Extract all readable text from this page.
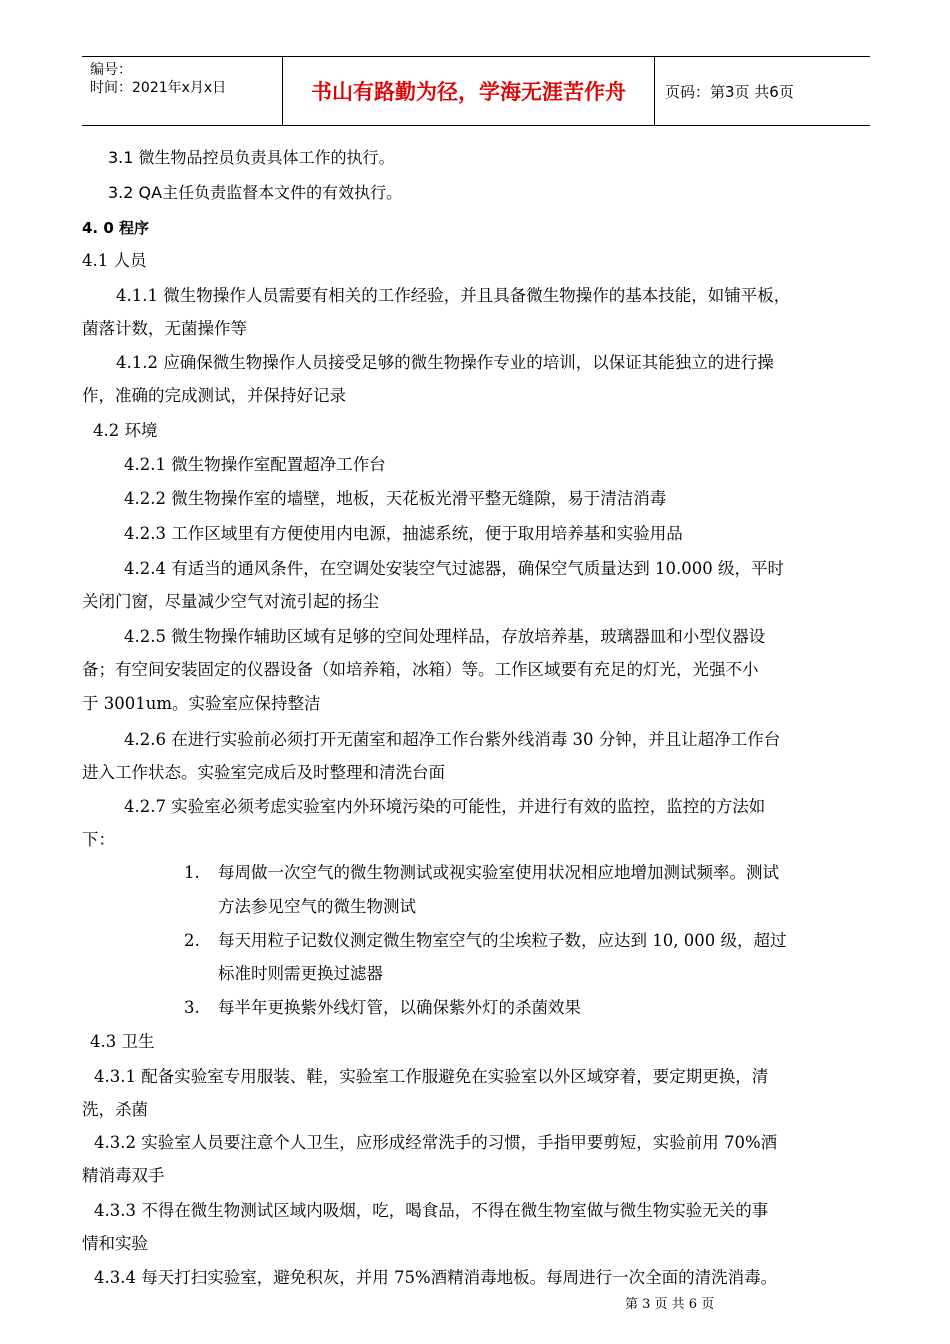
编号：
时间：2021年x月x日	书山有路勤为径，学海无涯苦作舟	页码：第3页 共6页
3.1 微生物品控员负责具体工作的执行。
3.2 QA主任负责监督本文件的有效执行。
4. 0 程序
4.1 人员
4.1.1 微生物操作人员需要有相关的工作经验，并且具备微生物操作的基本技能，如铺平板，
菌落计数，无菌操作等
4.1.2 应确保微生物操作人员接受足够的微生物操作专业的培训，以保证其能独立的进行操
作，准确的完成测试，并保持好记录
4.2 环境
4.2.1 微生物操作室配置超净工作台
4.2.2 微生物操作室的墙壁，地板，天花板光滑平整无缝隙，易于清洁消毒
4.2.3 工作区域里有方便使用内电源，抽滤系统，便于取用培养基和实验用品
4.2.4 有适当的通风条件，在空调处安装空气过滤器，确保空气质量达到 10.000 级，平时
关闭门窗，尽量减少空气对流引起的扬尘
4.2.5 微生物操作辅助区域有足够的空间处理样品，存放培养基，玻璃器皿和小型仪器设
备；有空间安装固定的仪器设备（如培养箱，冰箱）等。工作区域要有充足的灯光，光强不小
于 3001um。实验室应保持整洁
4.2.6 在进行实验前必须打开无菌室和超净工作台紫外线消毒 30 分钟，并且让超净工作台
进入工作状态。实验室完成后及时整理和清洗台面
4.2.7 实验室必须考虑实验室内外环境污染的可能性，并进行有效的监控，监控的方法如
下：
1. 每周做一次空气的微生物测试或视实验室使用状况相应地增加测试频率。测试
方法参见空气的微生物测试
2. 每天用粒子记数仪测定微生物室空气的尘埃粒子数，应达到 10, 000 级，超过
标准时则需更换过滤器
3. 每半年更换紫外线灯管，以确保紫外灯的杀菌效果
4.3 卫生
4.3.1 配备实验室专用服装、鞋，实验室工作服避免在实验室以外区域穿着，要定期更换，清
洗，杀菌
4.3.2 实验室人员要注意个人卫生，应形成经常洗手的习惯，手指甲要剪短，实验前用 70%酒
精消毒双手
4.3.3 不得在微生物测试区域内吸烟，吃，喝食品，不得在微生物室做与微生物实验无关的事
情和实验
4.3.4 每天打扫实验室，避免积灰，并用 75%酒精消毒地板。每周进行一次全面的清洗消毒。
第 3 页 共 6 页
